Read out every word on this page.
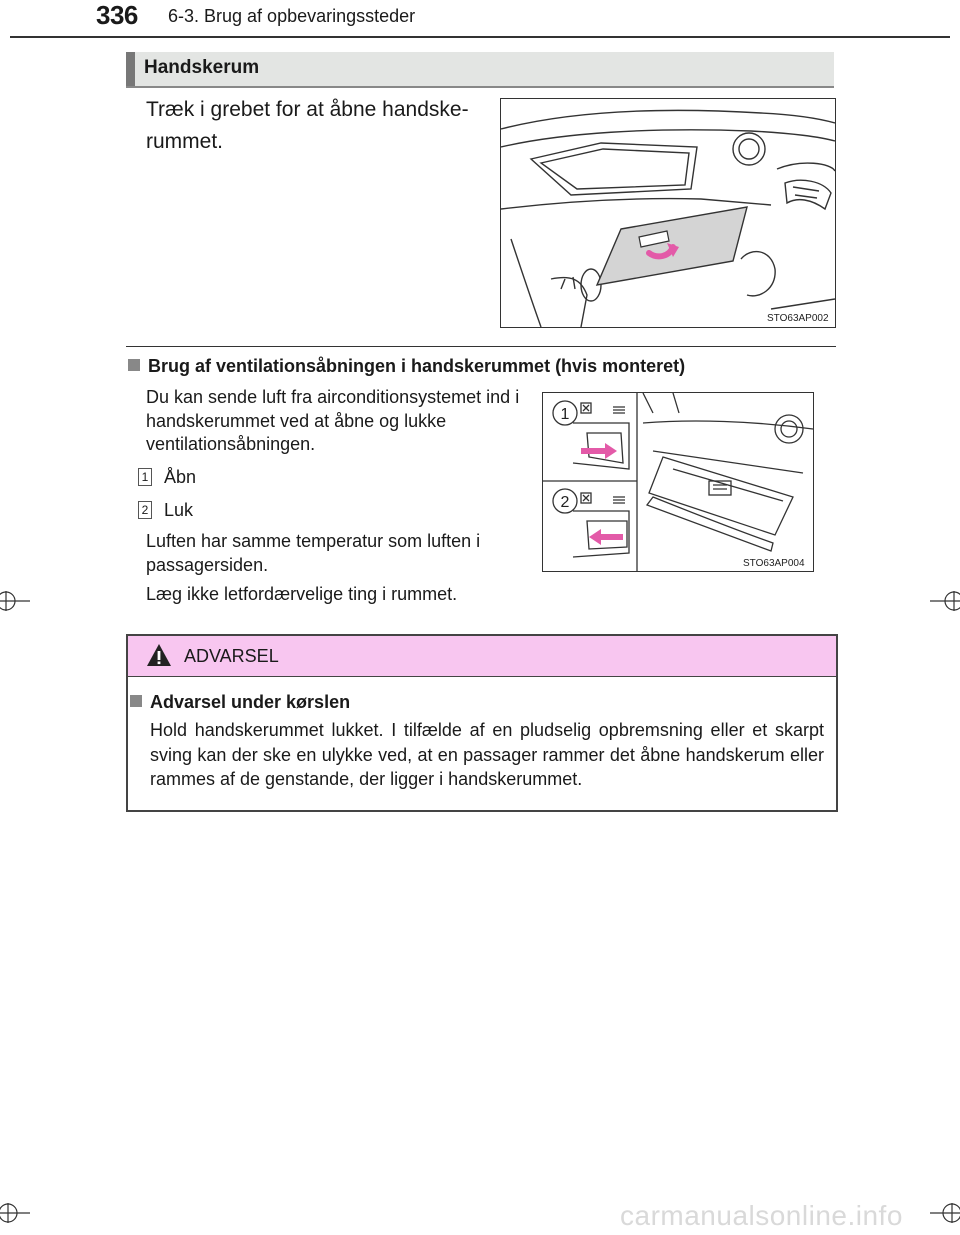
336 6-3. Brug af opbevaringssteder
Handskerum
Træk i grebet for at åbne handske-rummet.
STO63AP002
Brug af ventilationsåbningen i handskerummet (hvis monteret)
Du kan sende luft fra airconditionsystemet ind i handskerummet ved at åbne og lukke ventilationsåbningen.
1 Åbn
2 Luk
Luften har samme temperatur som luften i passagersiden.
Læg ikke letfordærvelige ting i rummet.
1
2
STO63AP004
ADVARSEL
Advarsel under kørslen
Hold handskerummet lukket. I tilfælde af en pludselig opbremsning eller et skarpt sving kan der ske en ulykke ved, at en passager rammer det åbne handskerum eller rammes af de genstande, der ligger i handskerummet.
carmanualsonline.info
